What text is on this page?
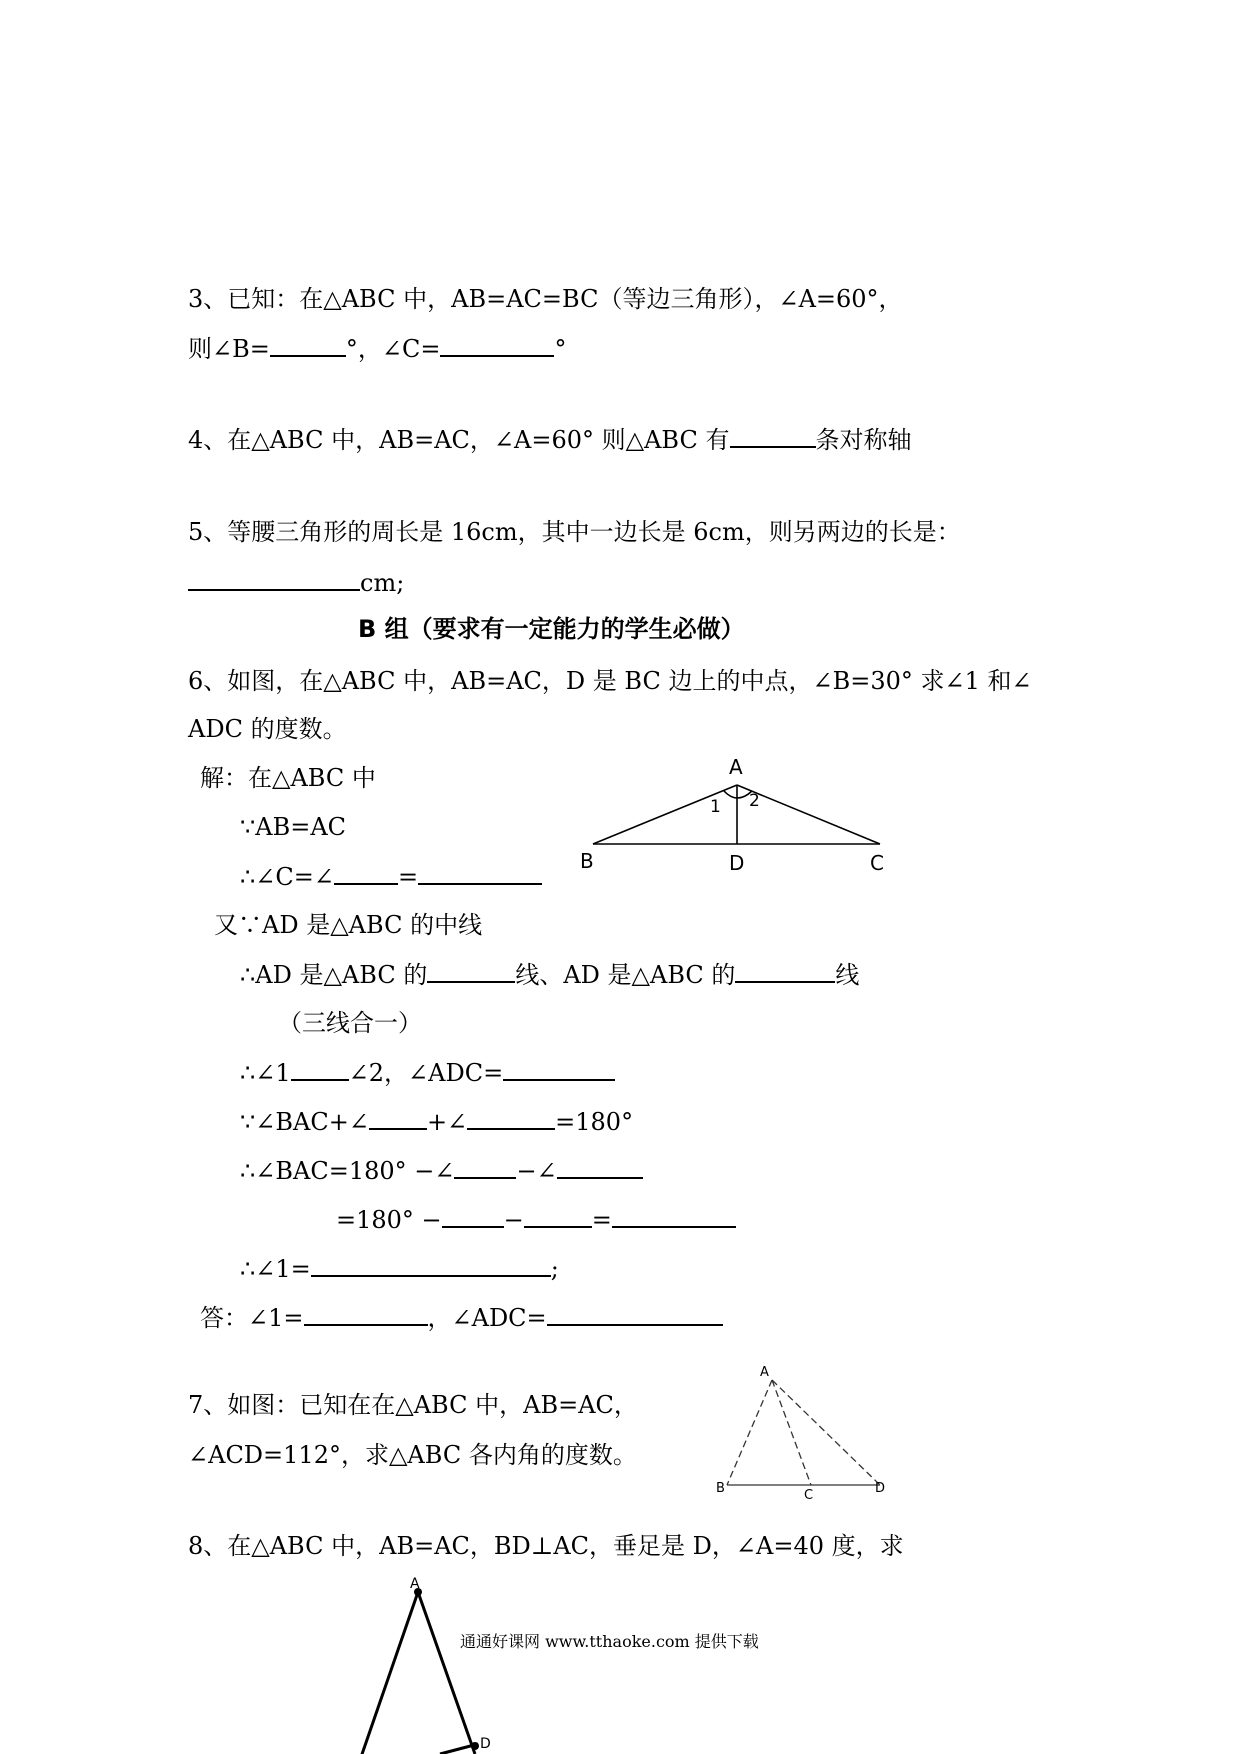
3、已知：在△ABC 中，AB=AC=BC（等边三角形），∠A=60°，
则∠B=	°，∠C=	°
4、在△ABC 中，AB=AC，∠A=60° 则△ABC 有	条对称轴
5、等腰三角形的周长是 16cm，其中一边长是 6cm，则另两边的长是：
cm;
B 组（要求有一定能力的学生必做）
6、如图，在△ABC 中，AB=AC，D 是 BC 边上的中点，∠B=30° 求∠1 和∠
ADC 的度数。
解：在△ABC 中
∵AB=AC
∴∠C=∠	=
又∵AD 是△ABC 的中线
∴AD 是△ABC 的	线、AD 是△ABC 的	线
（三线合一）
∴∠1 ∠2，∠ADC=
∵∠BAC+∠ +∠	=180°
∴∠BAC=180° −∠	−∠
=180° −	−	=
∴∠1=	;
答：∠1=	，∠ADC=
A
B	D	C
1 2
7、如图：已知在在△ABC 中，AB=AC，
∠ACD=112°，求△ABC 各内角的度数。
A
B	C	D
8、在△ABC 中，AB=AC，BD⊥AC，垂足是 D，∠A=40 度，求
A
D
通通好课网 www.tthaoke.com 提供下载
